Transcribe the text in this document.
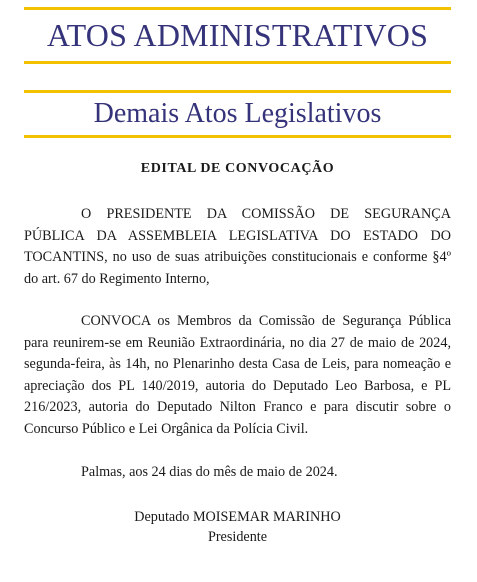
ATOS ADMINISTRATIVOS
Demais Atos Legislativos
EDITAL DE CONVOCAÇÃO

O PRESIDENTE DA COMISSÃO DE SEGURANÇA PÚBLICA DA ASSEMBLEIA LEGISLATIVA DO ESTADO DO TOCANTINS, no uso de suas atribuições constitucionais e conforme §4º do art. 67 do Regimento Interno,

CONVOCA os Membros da Comissão de Segurança Pública para reunirem-se em Reunião Extraordinária, no dia 27 de maio de 2024, segunda-feira, às 14h, no Plenarinho desta Casa de Leis, para nomeação e apreciação dos PL 140/2019, autoria do Deputado Leo Barbosa, e PL 216/2023, autoria do Deputado Nilton Franco e para discutir sobre o Concurso Público e Lei Orgânica da Polícia Civil.

Palmas, aos 24 dias do mês de maio de 2024.
Deputado MOISEMAR MARINHO
Presidente
